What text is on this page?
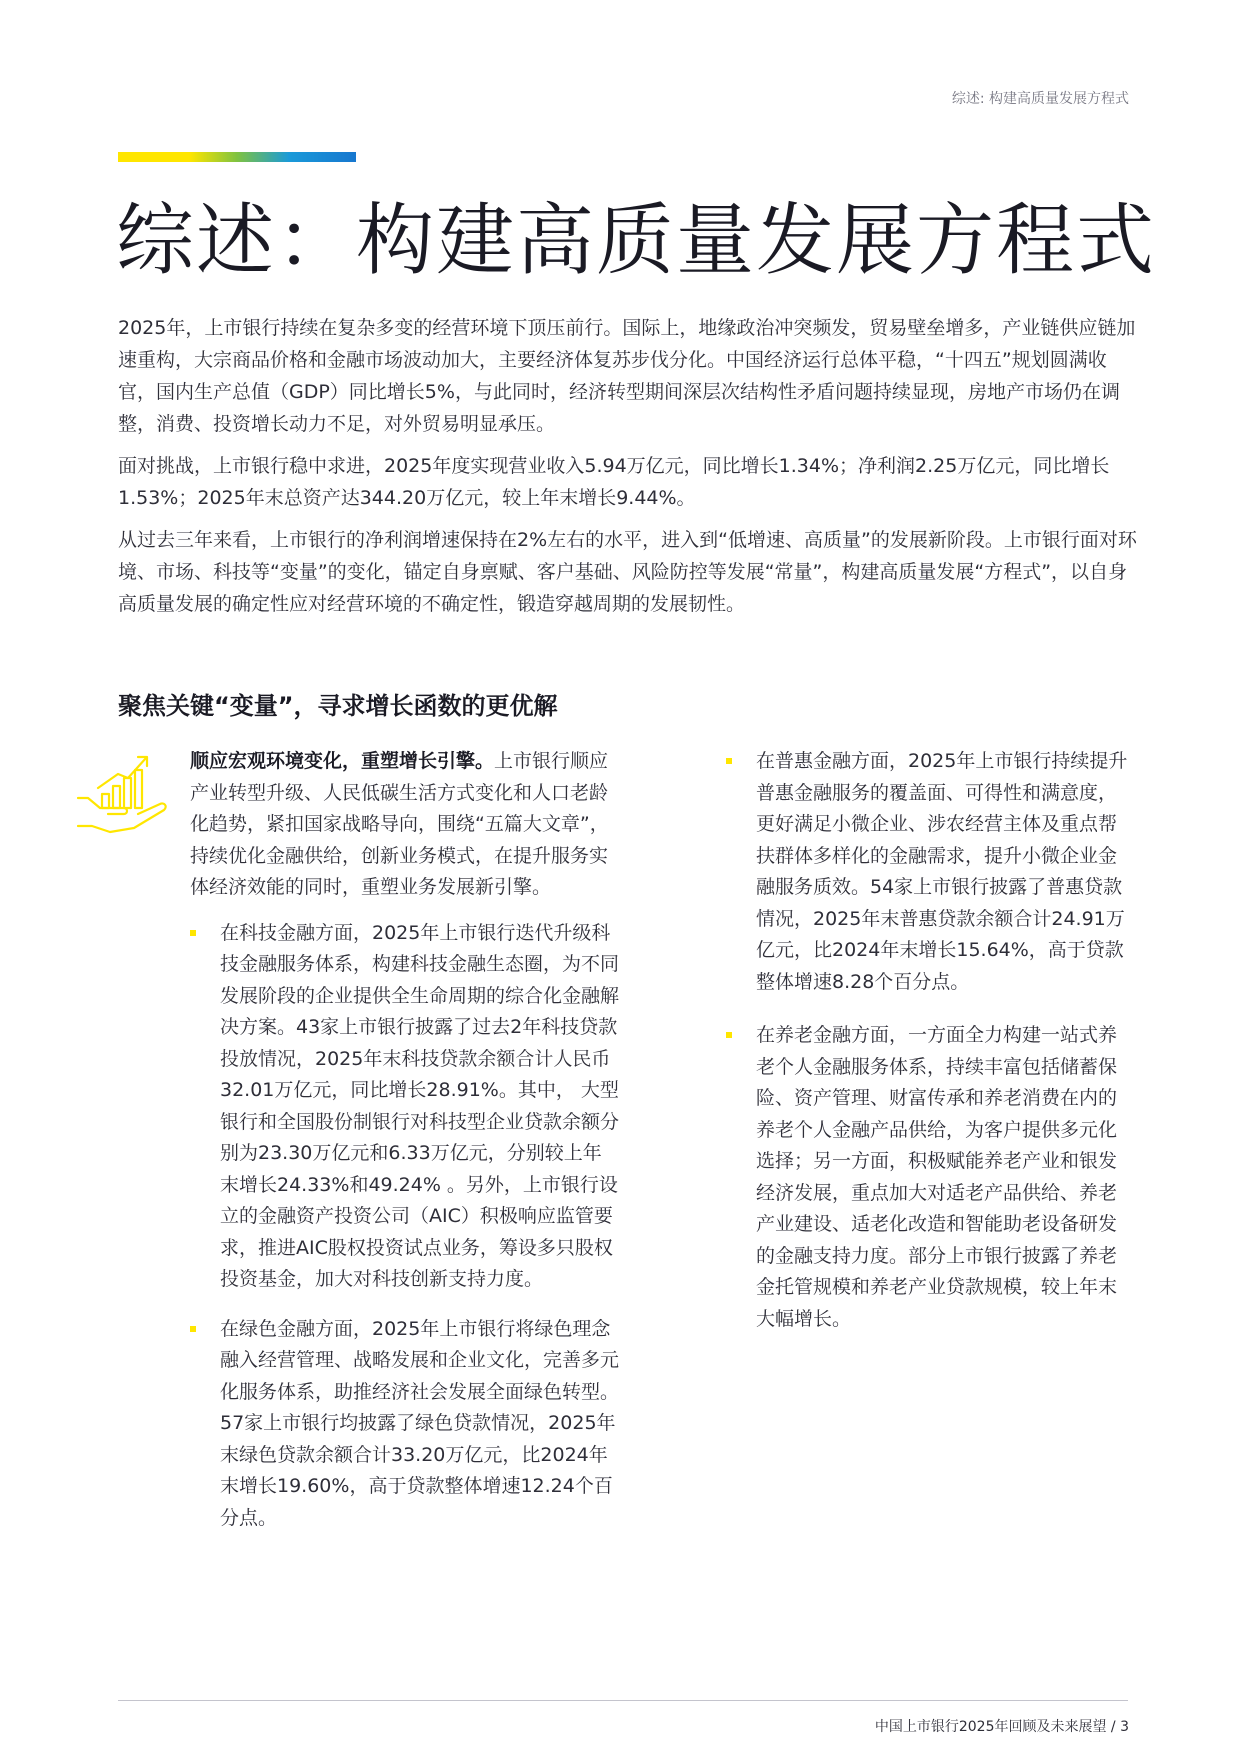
综述: 构建高质量发展方程式
综述：构建高质量发展方程式

2025年，上市银行持续在复杂多变的经营环境下顶压前行。国际上，地缘政治冲突频发，贸易壁垒增多，产业链供应链加速重构，大宗商品价格和金融市场波动加大，主要经济体复苏步伐分化。中国经济运行总体平稳，“十四五”规划圆满收官，国内生产总值（GDP）同比增长5%，与此同时，经济转型期间深层次结构性矛盾问题持续显现，房地产市场仍在调整，消费、投资增长动力不足，对外贸易明显承压。

面对挑战，上市银行稳中求进，2025年度实现营业收入5.94万亿元，同比增长1.34%；净利润2.25万亿元，同比增长1.53%；2025年末总资产达344.20万亿元，较上年末增长9.44%。

从过去三年来看，上市银行的净利润增速保持在2%左右的水平，进入到“低增速、高质量”的发展新阶段。上市银行面对环境、市场、科技等“变量”的变化，锚定自身禀赋、客户基础、风险防控等发展“常量”，构建高质量发展“方程式”，以自身高质量发展的确定性应对经营环境的不确定性，锻造穿越周期的发展韧性。

聚焦关键“变量”，寻求增长函数的更优解

顺应宏观环境变化，重塑增长引擎。上市银行顺应产业转型升级、人民低碳生活方式变化和人口老龄化趋势，紧扣国家战略导向，围绕“五篇大文章”，持续优化金融供给，创新业务模式，在提升服务实体经济效能的同时，重塑业务发展新引擎。

在科技金融方面，2025年上市银行迭代升级科技金融服务体系，构建科技金融生态圈，为不同发展阶段的企业提供全生命周期的综合化金融解决方案。43家上市银行披露了过去2年科技贷款投放情况，2025年末科技贷款余额合计人民币32.01万亿元，同比增长28.91%。其中， 大型银行和全国股份制银行对科技型企业贷款余额分别为23.30万亿元和6.33万亿元，分别较上年末增长24.33%和49.24% 。另外，上市银行设立的金融资产投资公司（AIC）积极响应监管要求，推进AIC股权投资试点业务，筹设多只股权投资基金，加大对科技创新支持力度。
在绿色金融方面，2025年上市银行将绿色理念融入经营管理、战略发展和企业文化，完善多元化服务体系，助推经济社会发展全面绿色转型。57家上市银行均披露了绿色贷款情况，2025年末绿色贷款余额合计33.20万亿元，比2024年末增长19.60%，高于贷款整体增速12.24个百分点。
在普惠金融方面，2025年上市银行持续提升普惠金融服务的覆盖面、可得性和满意度，更好满足小微企业、涉农经营主体及重点帮扶群体多样化的金融需求，提升小微企业金融服务质效。54家上市银行披露了普惠贷款情况，2025年末普惠贷款余额合计24.91万亿元，比2024年末增长15.64%，高于贷款整体增速8.28个百分点。
在养老金融方面，一方面全力构建一站式养老个人金融服务体系，持续丰富包括储蓄保险、资产管理、财富传承和养老消费在内的养老个人金融产品供给，为客户提供多元化选择；另一方面，积极赋能养老产业和银发经济发展，重点加大对适老产品供给、养老产业建设、适老化改造和智能助老设备研发的金融支持力度。部分上市银行披露了养老金托管规模和养老产业贷款规模，较上年末大幅增长。
中国上市银行2025年回顾及未来展望 / 3
